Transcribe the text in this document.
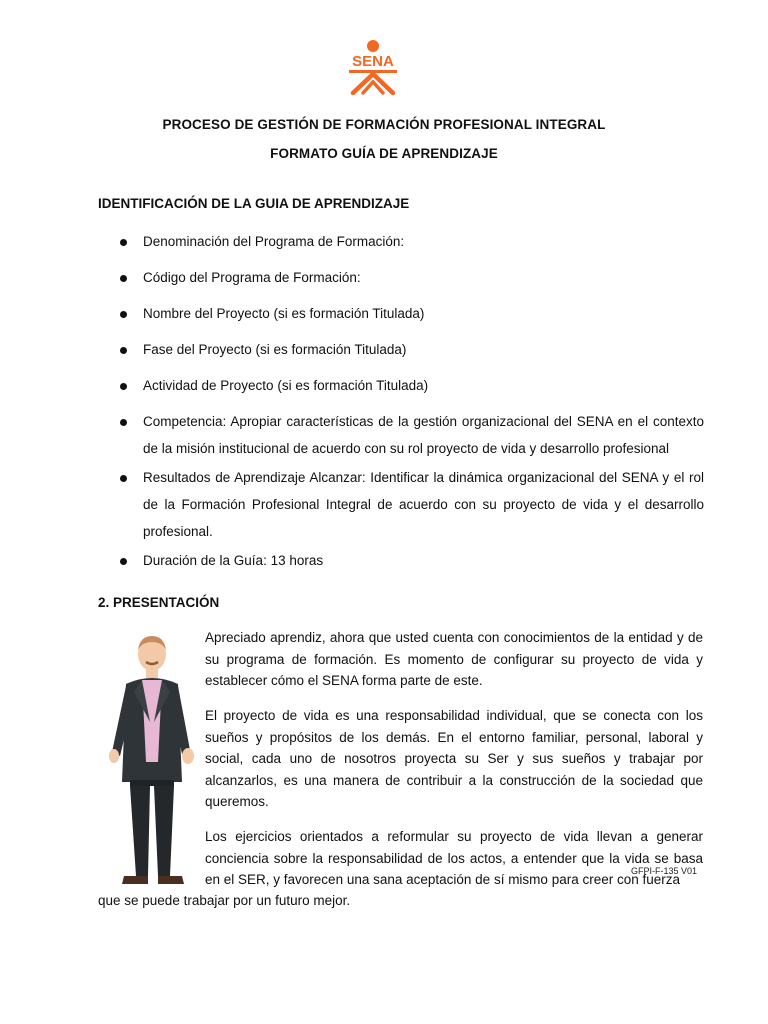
SENA
PROCESO DE GESTIÓN DE FORMACIÓN PROFESIONAL INTEGRAL
FORMATO GUÍA DE APRENDIZAJE
IDENTIFICACIÓN DE LA GUIA DE APRENDIZAJE
Denominación del Programa de Formación:
Código del Programa de Formación:
Nombre del Proyecto (si es formación Titulada)
Fase del Proyecto (si es formación Titulada)
Actividad de Proyecto (si es formación Titulada)
Competencia: Apropiar características de la gestión organizacional del SENA en el contexto de la misión institucional de acuerdo con su rol proyecto de vida y desarrollo profesional
Resultados de Aprendizaje Alcanzar: Identificar la dinámica organizacional del SENA y el rol de la Formación Profesional Integral de acuerdo con su proyecto de vida y el desarrollo profesional.
Duración de la Guía: 13 horas
2. PRESENTACIÓN

Apreciado aprendiz, ahora que usted cuenta con conocimientos de la entidad y de su programa de formación. Es momento de configurar su proyecto de vida y establecer cómo el SENA forma parte de este.

El proyecto de vida es una responsabilidad individual, que se conecta con los sueños y propósitos de los demás. En el entorno familiar, personal, laboral y social, cada uno de nosotros proyecta su Ser y sus sueños y trabajar por alcanzarlos, es una manera de contribuir a la construcción de la sociedad que queremos.

Los ejercicios orientados a reformular su proyecto de vida llevan a generar conciencia sobre la responsabilidad de los actos, a entender que la vida se basa en el SER, y favorecen una sana aceptación de sí mismo para creer con fuerza

que se puede trabajar por un futuro mejor.

GFPI-F-135 V01
